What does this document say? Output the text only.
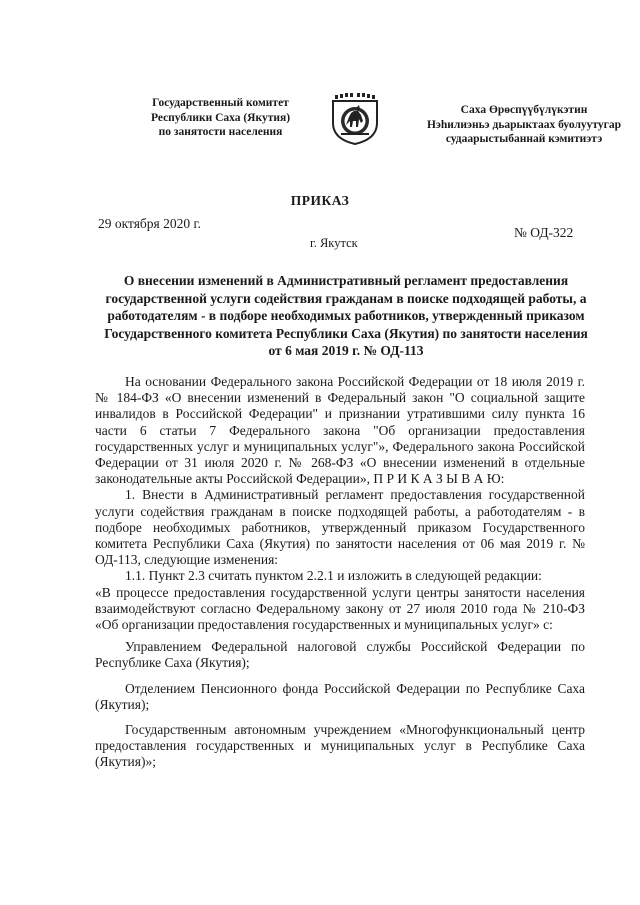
Государственный комитет
Республики Саха (Якутия)
по занятости населения
Саха Өрөспүүбүлүкэтин
Нэһилиэньэ дьарыктаах буолуутугар
судаарыстыбаннай кэмитиэтэ
ПРИКАЗ
29 октября 2020 г.
№ ОД-322
г. Якутск
О внесении изменений в Административный регламент предоставления государственной услуги содействия гражданам в поиске подходящей работы, а работодателям - в подборе необходимых работников, утвержденный приказом Государственного комитета Республики Саха (Якутия) по занятости населения от 6 мая 2019 г. № ОД-113

На основании Федерального закона Российской Федерации от 18 июля 2019 г. № 184-ФЗ «О внесении изменений в Федеральный закон "О социальной защите инвалидов в Российской Федерации" и признании утратившими силу пункта 16 части 6 статьи 7 Федерального закона "Об организации предоставления государственных услуг и муниципальных услуг"», Федерального закона Российской Федерации от 31 июля 2020 г. № 268-ФЗ «О внесении изменений в отдельные законодательные акты Российской Федерации», П Р И К А З Ы В А Ю:

1. Внести в Административный регламент предоставления государственной услуги содействия гражданам в поиске подходящей работы, а работодателям - в подборе необходимых работников, утвержденный приказом Государственного комитета Республики Саха (Якутия) по занятости населения от 06 мая 2019 г. № ОД-113, следующие изменения:

1.1. Пункт 2.3 считать пунктом 2.2.1 и изложить в следующей редакции:

«В процессе предоставления государственной услуги центры занятости населения взаимодействуют согласно Федеральному закону от 27 июля 2010 года № 210-ФЗ «Об организации предоставления государственных и муниципальных услуг» с:

Управлением Федеральной налоговой службы Российской Федерации по Республике Саха (Якутия);

Отделением Пенсионного фонда Российской Федерации по Республике Саха (Якутия);

Государственным автономным учреждением «Многофункциональный центр предоставления государственных и муниципальных услуг в Республике Саха (Якутия)»;
